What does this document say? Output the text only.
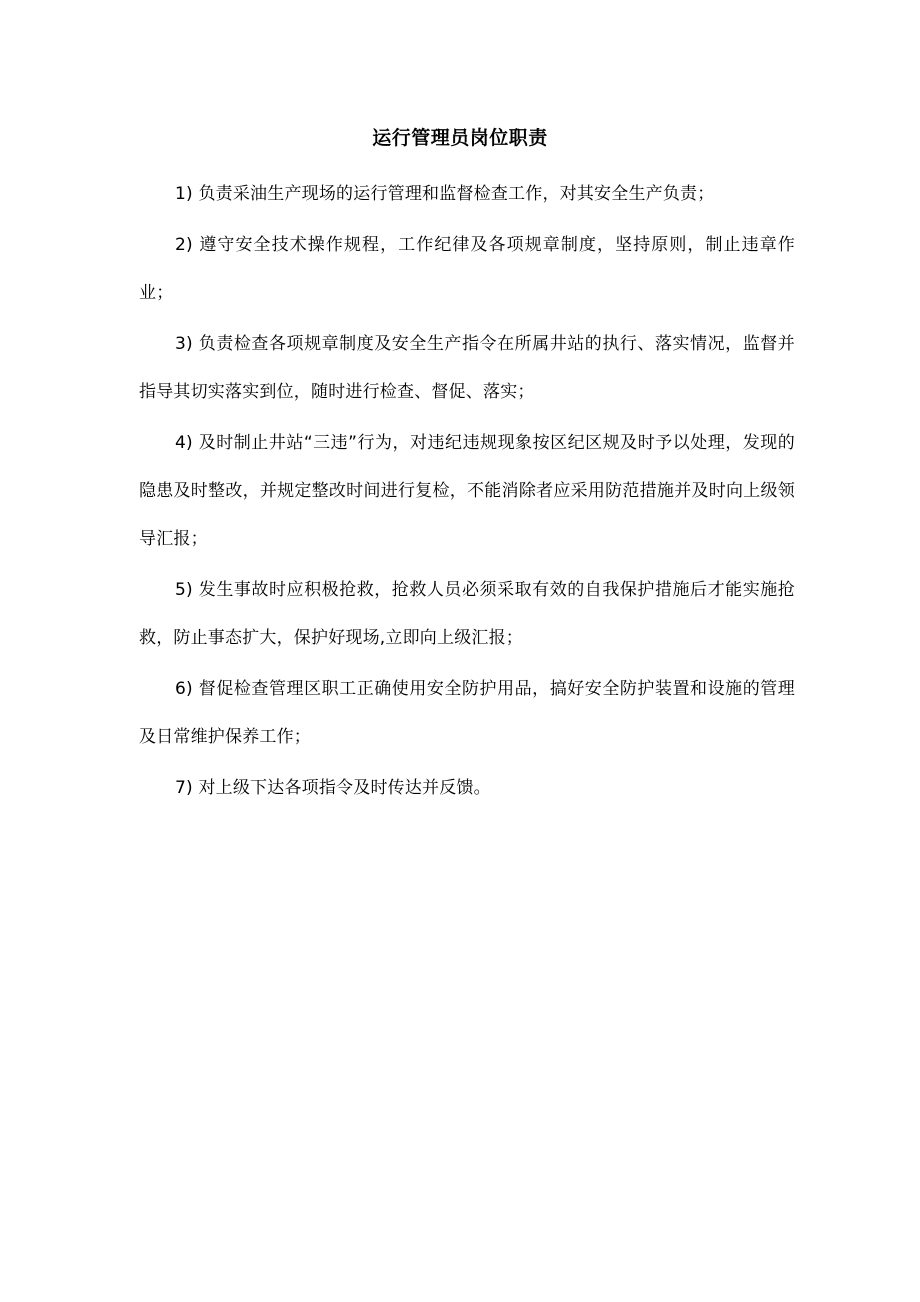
运行管理员岗位职责

1) 负责采油生产现场的运行管理和监督检查工作，对其安全生产负责；

2) 遵守安全技术操作规程，工作纪律及各项规章制度，坚持原则，制止违章作业；

3) 负责检查各项规章制度及安全生产指令在所属井站的执行、落实情况，监督并指导其切实落实到位，随时进行检查、督促、落实；

4) 及时制止井站“三违”行为，对违纪违规现象按区纪区规及时予以处理，发现的隐患及时整改，并规定整改时间进行复检，不能消除者应采用防范措施并及时向上级领导汇报；

5) 发生事故时应积极抢救，抢救人员必须采取有效的自我保护措施后才能实施抢救，防止事态扩大，保护好现场,立即向上级汇报；

6) 督促检查管理区职工正确使用安全防护用品，搞好安全防护装置和设施的管理及日常维护保养工作；

7) 对上级下达各项指令及时传达并反馈。
